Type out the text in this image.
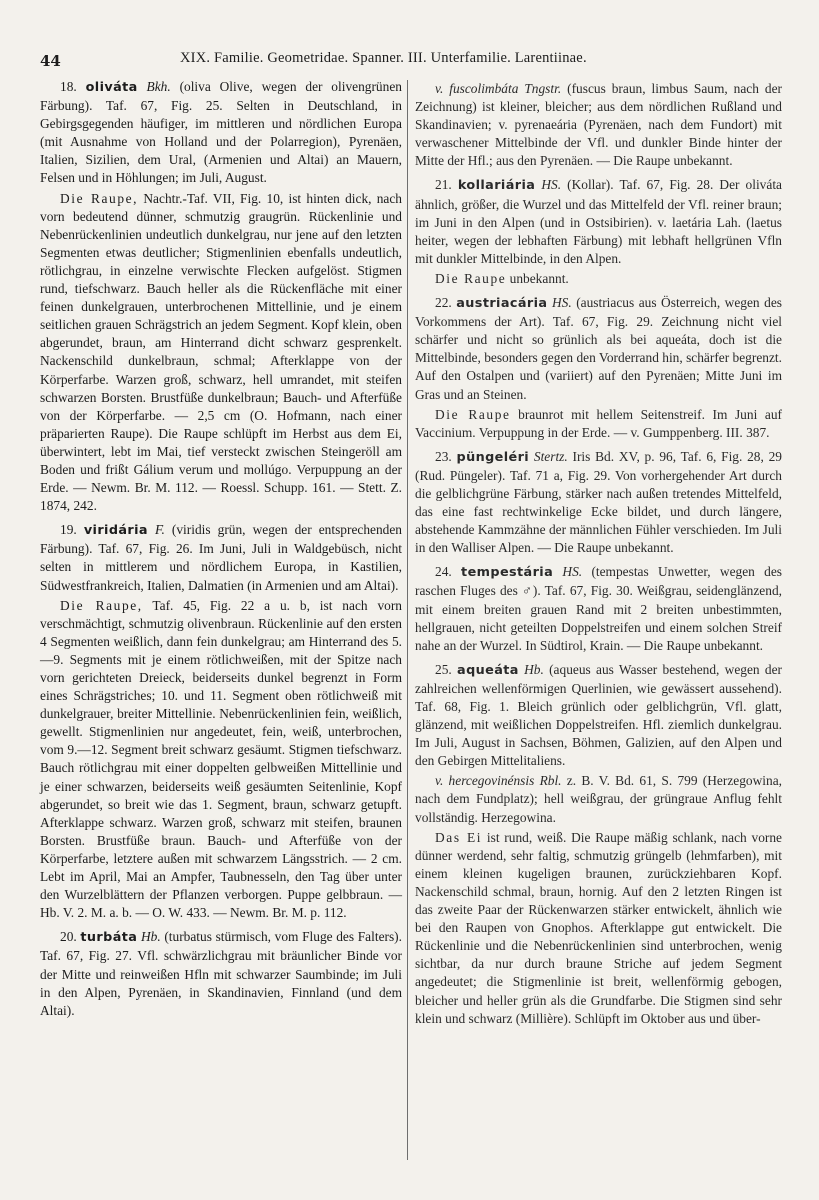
44	XIX. Familie. Geometridae. Spanner. III. Unterfamilie. Larentiinae.

18. oliváta Bkh. (oliva Olive, wegen der olivengrünen Färbung). Taf. 67, Fig. 25. Selten in Deutschland, in Gebirgsgegenden häufiger, im mittleren und nördlichen Europa (mit Ausnahme von Holland und der Polarregion), Pyrenäen, Italien, Sizilien, dem Ural, (Armenien und Altai) an Mauern, Felsen und in Höhlungen; im Juli, August.

Die Raupe, Nachtr.-Taf. VII, Fig. 10, ist hinten dick, nach vorn bedeutend dünner, schmutzig graugrün. Rückenlinie und Nebenrückenlinien undeutlich dunkelgrau, nur jene auf den letzten Segmenten etwas deutlicher; Stigmenlinien ebenfalls undeutlich, rötlichgrau, in einzelne verwischte Flecken aufgelöst. Stigmen rund, tiefschwarz. Bauch heller als die Rückenfläche mit einer feinen dunkelgrauen, unterbrochenen Mittellinie, und je einem seitlichen grauen Schrägstrich an jedem Segment. Kopf klein, oben abgerundet, braun, am Hinterrand dicht schwarz gesprenkelt. Nackenschild dunkelbraun, schmal; Afterklappe von der Körperfarbe. Warzen groß, schwarz, hell umrandet, mit steifen schwarzen Borsten. Brustfüße dunkelbraun; Bauch- und Afterfüße von der Körperfarbe. — 2,5 cm (O. Hofmann, nach einer präparierten Raupe). Die Raupe schlüpft im Herbst aus dem Ei, überwintert, lebt im Mai, tief versteckt zwischen Steingeröll am Boden und frißt Gálium verum und mollúgo. Verpuppung an der Erde. — Newm. Br. M. 112. — Roessl. Schupp. 161. — Stett. Z. 1874, 242.

19. viridária F. (viridis grün, wegen der entsprechenden Färbung). Taf. 67, Fig. 26. Im Juni, Juli in Waldgebüsch, nicht selten in mittlerem und nördlichem Europa, in Kastilien, Südwestfrankreich, Italien, Dalmatien (in Armenien und am Altai).

Die Raupe, Taf. 45, Fig. 22 a u. b, ist nach vorn verschmächtigt, schmutzig olivenbraun. Rückenlinie auf den ersten 4 Segmenten weißlich, dann fein dunkelgrau; am Hinterrand des 5.—9. Segments mit je einem rötlichweißen, mit der Spitze nach vorn gerichteten Dreieck, beiderseits dunkel begrenzt in Form eines Schrägstriches; 10. und 11. Segment oben rötlichweiß mit dunkelgrauer, breiter Mittellinie. Nebenrückenlinien fein, weißlich, gewellt. Stigmenlinien nur angedeutet, fein, weiß, unterbrochen, vom 9.—12. Segment breit schwarz gesäumt. Stigmen tiefschwarz. Bauch rötlichgrau mit einer doppelten gelbweißen Mittellinie und je einer schwarzen, beiderseits weiß gesäumten Seitenlinie, Kopf abgerundet, so breit wie das 1. Segment, braun, schwarz getupft. Afterklappe schwarz. Warzen groß, schwarz mit steifen, braunen Borsten. Brustfüße braun. Bauch- und Afterfüße von der Körperfarbe, letztere außen mit schwarzem Längsstrich. — 2 cm. Lebt im April, Mai an Ampfer, Taubnesseln, den Tag über unter den Wurzelblättern der Pflanzen verborgen. Puppe gelbbraun. — Hb. V. 2. M. a. b. — O. W. 433. — Newm. Br. M. p. 112.

20. turbáta Hb. (turbatus stürmisch, vom Fluge des Falters). Taf. 67, Fig. 27. Vfl. schwärzlichgrau mit bräunlicher Binde vor der Mitte und reinweißen Hfln mit schwarzer Saumbinde; im Juli in den Alpen, Pyrenäen, in Skandinavien, Finnland (und dem Altai).

v. fuscolimbáta Tngstr. (fuscus braun, limbus Saum, nach der Zeichnung) ist kleiner, bleicher; aus dem nördlichen Rußland und Skandinavien; v. pyrenaeária (Pyrenäen, nach dem Fundort) mit verwaschener Mittelbinde der Vfl. und dunkler Binde hinter der Mitte der Hfl.; aus den Pyrenäen. — Die Raupe unbekannt.

21. kollariária HS. (Kollar). Taf. 67, Fig. 28. Der oliváta ähnlich, größer, die Wurzel und das Mittelfeld der Vfl. reiner braun; im Juni in den Alpen (und in Ostsibirien). v. laetária Lah. (laetus heiter, wegen der lebhaften Färbung) mit lebhaft hellgrünen Vfln mit dunkler Mittelbinde, in den Alpen.

Die Raupe unbekannt.

22. austriacária HS. (austriacus aus Österreich, wegen des Vorkommens der Art). Taf. 67, Fig. 29. Zeichnung nicht viel schärfer und nicht so grünlich als bei aqueáta, doch ist die Mittelbinde, besonders gegen den Vorderrand hin, schärfer begrenzt. Auf den Ostalpen und (variiert) auf den Pyrenäen; Mitte Juni im Gras und an Steinen.

Die Raupe braunrot mit hellem Seitenstreif. Im Juni auf Vaccinium. Verpuppung in der Erde. — v. Gumppenberg. III. 387.

23. püngeléri Stertz. Iris Bd. XV, p. 96, Taf. 6, Fig. 28, 29 (Rud. Püngeler). Taf. 71 a, Fig. 29. Von vorhergehender Art durch die gelblichgrüne Färbung, stärker nach außen tretendes Mittelfeld, das eine fast rechtwinkelige Ecke bildet, und durch längere, abstehende Kammzähne der männlichen Fühler verschieden. Im Juli in den Walliser Alpen. — Die Raupe unbekannt.

24. tempestária HS. (tempestas Unwetter, wegen des raschen Fluges des ♂). Taf. 67, Fig. 30. Weißgrau, seidenglänzend, mit einem breiten grauen Rand mit 2 breiten unbestimmten, hellgrauen, nicht geteilten Doppelstreifen und einem solchen Streif nahe an der Wurzel. In Südtirol, Krain. — Die Raupe unbekannt.

25. aqueáta Hb. (aqueus aus Wasser bestehend, wegen der zahlreichen wellenförmigen Querlinien, wie gewässert aussehend). Taf. 68, Fig. 1. Bleich grünlich oder gelblichgrün, Vfl. glatt, glänzend, mit weißlichen Doppelstreifen. Hfl. ziemlich dunkelgrau. Im Juli, August in Sachsen, Böhmen, Galizien, auf den Alpen und den Gebirgen Mittelitaliens.

v. hercegovinénsis Rbl. z. B. V. Bd. 61, S. 799 (Herzegowina, nach dem Fundplatz); hell weißgrau, der grüngraue Anflug fehlt vollständig. Herzegowina.

Das Ei ist rund, weiß. Die Raupe mäßig schlank, nach vorne dünner werdend, sehr faltig, schmutzig grüngelb (lehmfarben), mit einem kleinen kugeligen braunen, zurückziehbaren Kopf. Nackenschild schmal, braun, hornig. Auf den 2 letzten Ringen ist das zweite Paar der Rückenwarzen stärker entwickelt, ähnlich wie bei den Raupen von Gnophos. Afterklappe gut entwickelt. Die Rückenlinie und die Nebenrückenlinien sind unterbrochen, wenig sichtbar, da nur durch braune Striche auf jedem Segment angedeutet; die Stigmenlinie ist breit, wellenförmig gebogen, bleicher und heller grün als die Grundfarbe. Die Stigmen sind sehr klein und schwarz (Millière). Schlüpft im Oktober aus und über-
